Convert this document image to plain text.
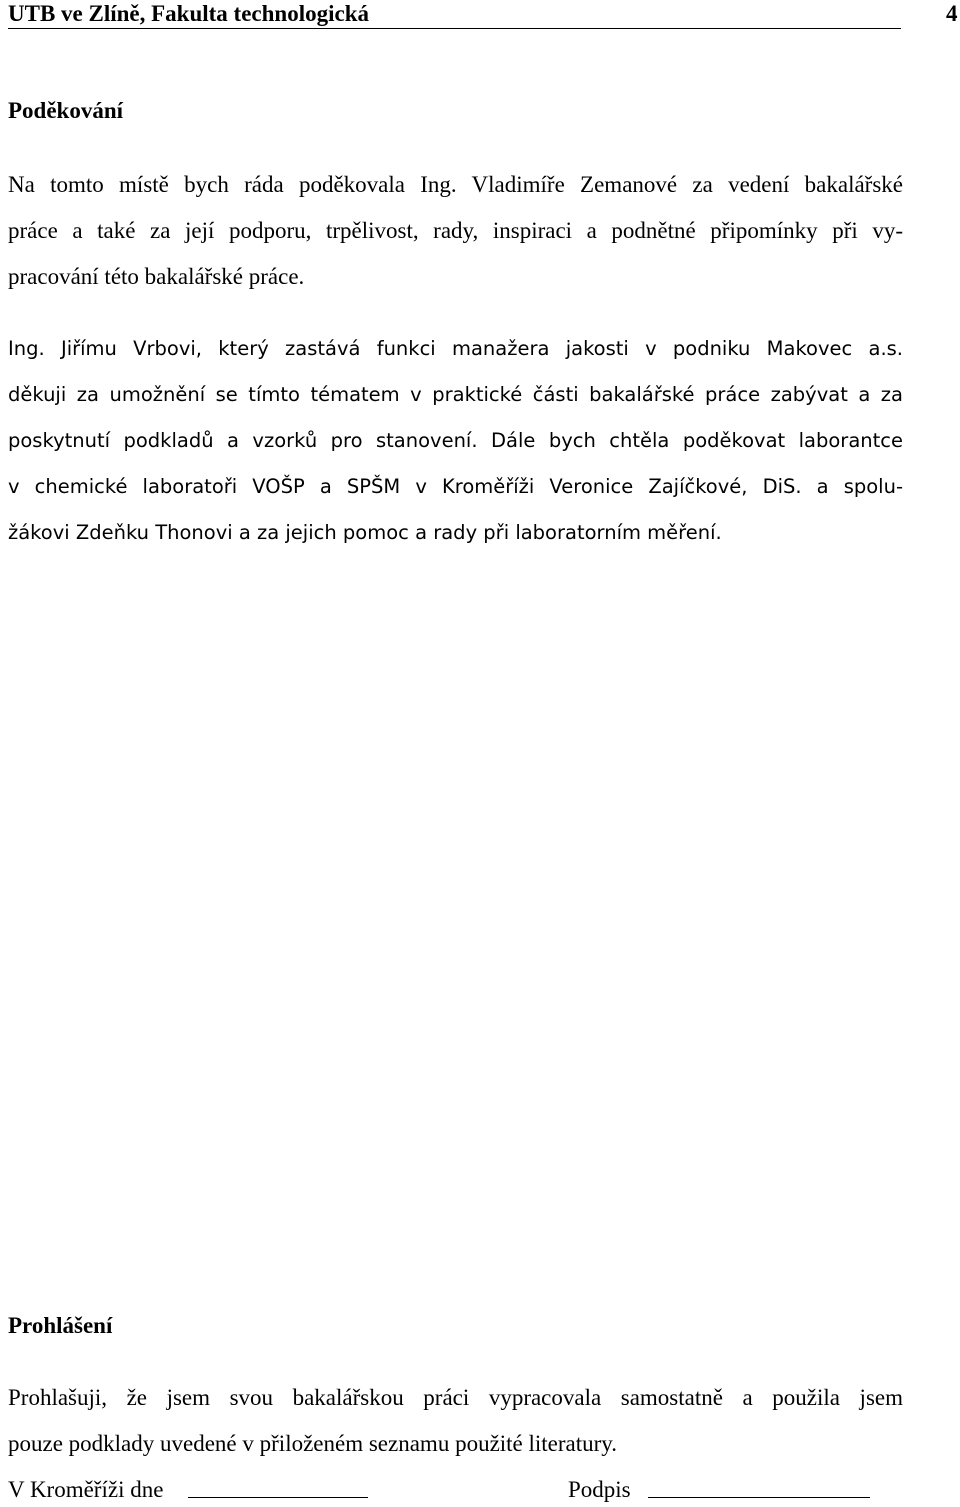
UTB ve Zlíně, Fakulta technologická	4
Poděkování
Na tomto místě bych ráda poděkovala Ing. Vladimíře Zemanové za vedení bakalářské
práce a také za její podporu, trpělivost, rady, inspiraci a podnětné připomínky při vy-
pracování této bakalářské práce.
Ing. Jiřímu Vrbovi, který zastává funkci manažera jakosti v podniku Makovec a.s.
děkuji za umožnění se tímto tématem v praktické části bakalářské práce zabývat a za
poskytnutí podkladů a vzorků pro stanovení. Dále bych chtěla poděkovat laborantce
v chemické laboratoři VOŠP a SPŠM v Kroměříži Veronice Zajíčkové, DiS. a spolu-
žákovi Zdeňku Thonovi a za jejich pomoc a rady při laboratorním měření.
Prohlášení
Prohlašuji, že jsem svou bakalářskou práci vypracovala samostatně a použila jsem
pouze podklady uvedené v přiloženém seznamu použité literatury.
V Kroměříži dne	Podpis
